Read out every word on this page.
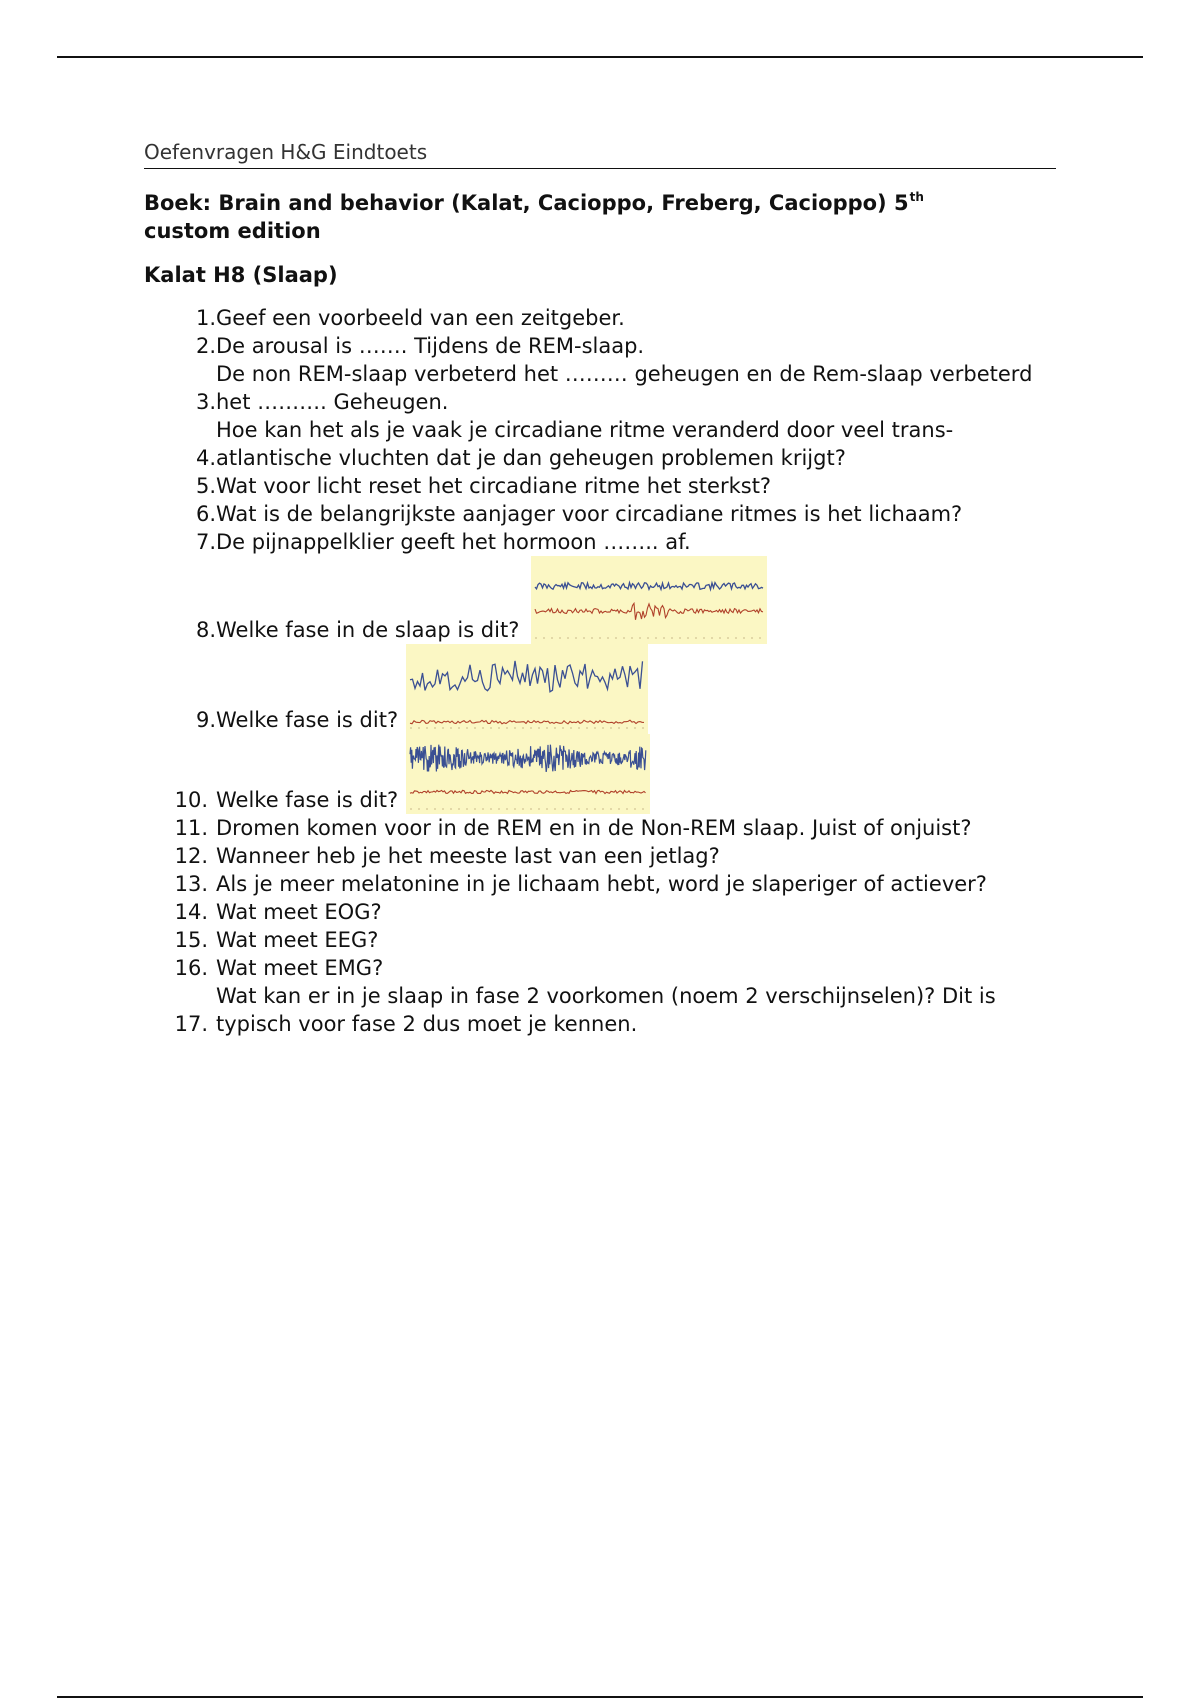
Oefenvragen H&G Eindtoets
Boek: Brain and behavior (Kalat, Cacioppo, Freberg, Cacioppo) 5th
custom edition
Kalat H8 (Slaap)
1. Geef een voorbeeld van een zeitgeber.
2. De arousal is ……. Tijdens de REM-slaap.
3.
De non REM-slaap verbeterd het ……… geheugen en de Rem-slaap verbeterd het ………. Geheugen.
4.
Hoe kan het als je vaak je circadiane ritme veranderd door veel trans-atlantische vluchten dat je dan geheugen problemen krijgt?
5. Wat voor licht reset het circadiane ritme het sterkst?
6. Wat is de belangrijkste aanjager voor circadiane ritmes is het lichaam?
7. De pijnappelklier geeft het hormoon …….. af.
8. Welke fase in de slaap is dit?
9. Welke fase is dit?
10. Welke fase is dit?
11. Dromen komen voor in de REM en in de Non-REM slaap. Juist of onjuist?
12. Wanneer heb je het meeste last van een jetlag?
13. Als je meer melatonine in je lichaam hebt, word je slaperiger of actiever?
14. Wat meet EOG?
15. Wat meet EEG?
16. Wat meet EMG?
17.
Wat kan er in je slaap in fase 2 voorkomen (noem 2 verschijnselen)? Dit is typisch voor fase 2 dus moet je kennen.
